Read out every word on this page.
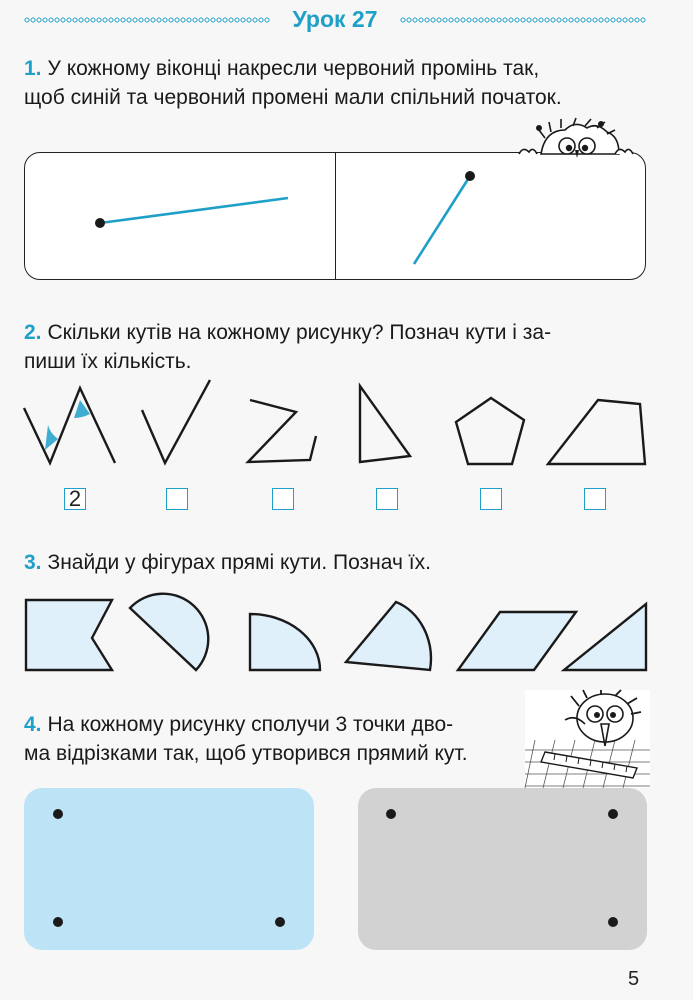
Урок 27
1. У кожному віконці накресли червоний промінь так,
щоб синій та червоний промені мали спільний початок.
2. Скільки кутів на кожному рисунку? Познач кути і за-
пиши їх кількість.
2
3. Знайди у фігурах прямі кути. Познач їх.
4. На кожному рисунку сполучи 3 точки дво-
ма відрізками так, щоб утворився прямий кут.
5
